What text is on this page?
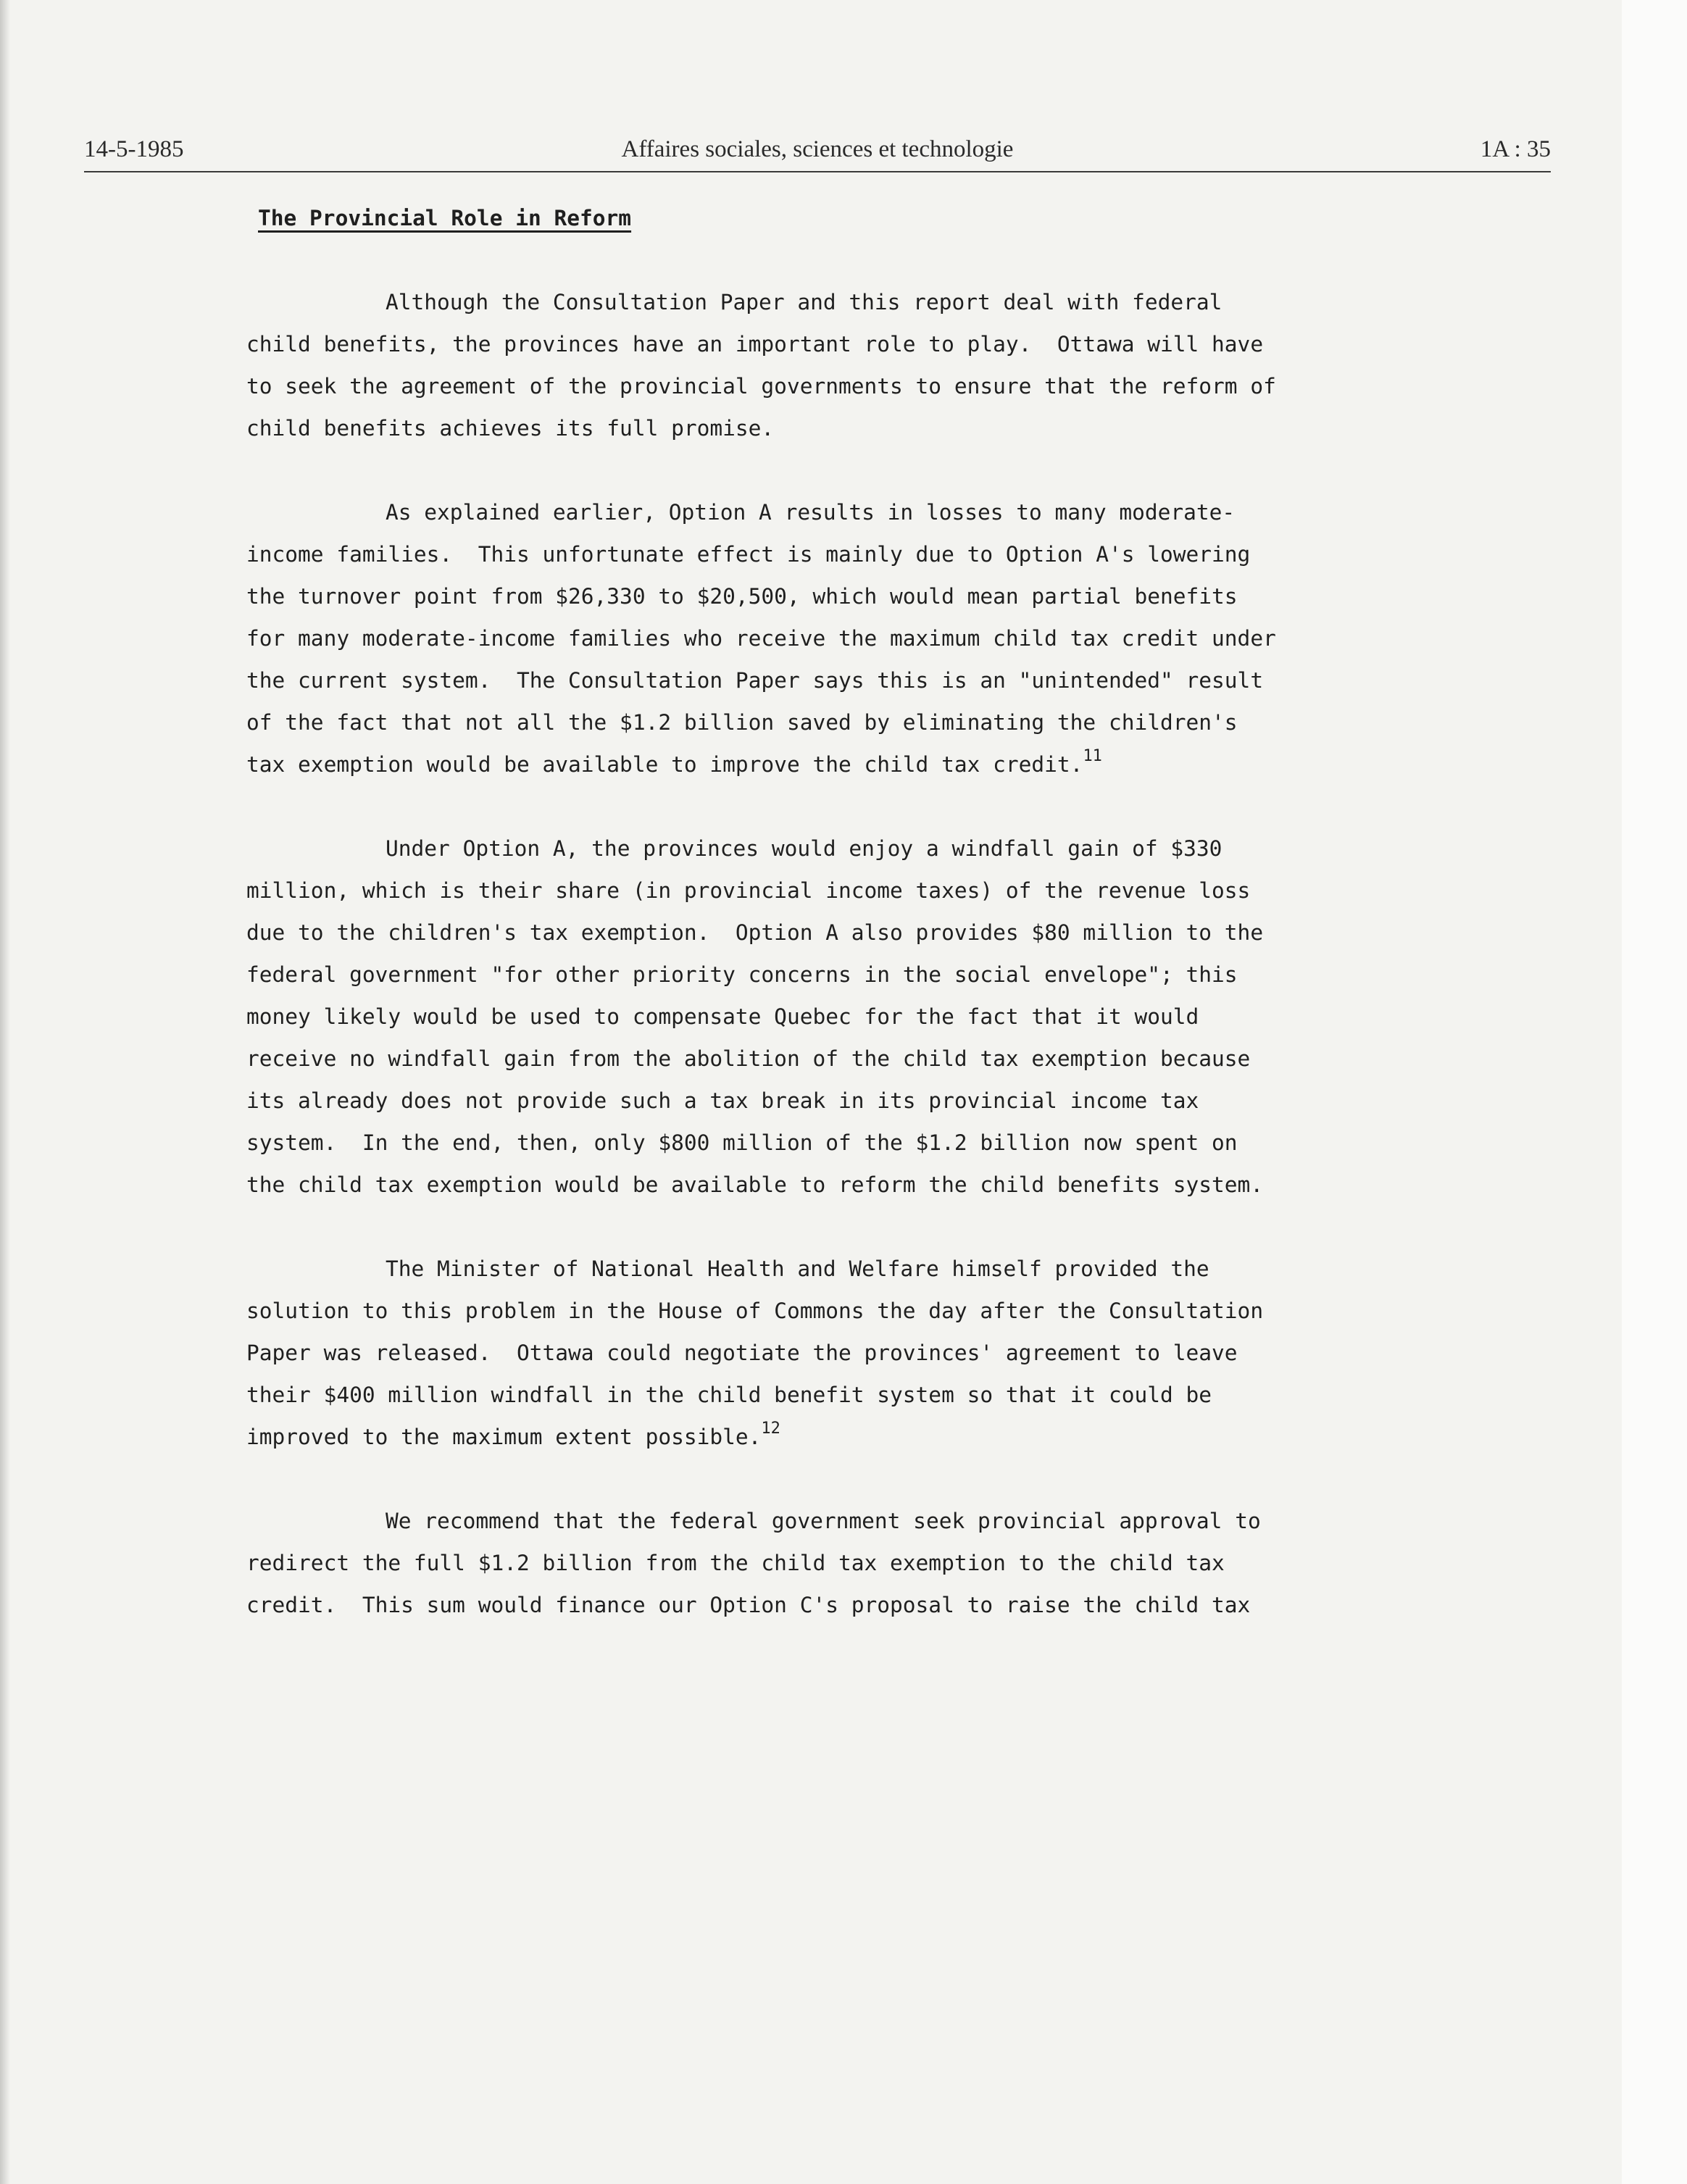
14-5-1985	Affaires sociales, sciences et technologie	1A : 35
The Provincial Role in Reform

Although the Consultation Paper and this report deal with federal

child benefits, the provinces have an important role to play.  Ottawa will have

to seek the agreement of the provincial governments to ensure that the reform of

child benefits achieves its full promise.

As explained earlier, Option A results in losses to many moderate-

income families.  This unfortunate effect is mainly due to Option A's lowering

the turnover point from $26,330 to $20,500, which would mean partial benefits

for many moderate-income families who receive the maximum child tax credit under

the current system.  The Consultation Paper says this is an "unintended" result

of the fact that not all the $1.2 billion saved by eliminating the children's

tax exemption would be available to improve the child tax credit.$^{11}$

Under Option A, the provinces would enjoy a windfall gain of $330

million, which is their share (in provincial income taxes) of the revenue loss

due to the children's tax exemption.  Option A also provides $80 million to the

federal government "for other priority concerns in the social envelope"; this

money likely would be used to compensate Quebec for the fact that it would

receive no windfall gain from the abolition of the child tax exemption because

its already does not provide such a tax break in its provincial income tax

system.  In the end, then, only $800 million of the $1.2 billion now spent on

the child tax exemption would be available to reform the child benefits system.

The Minister of National Health and Welfare himself provided the

solution to this problem in the House of Commons the day after the Consultation

Paper was released.  Ottawa could negotiate the provinces' agreement to leave

their $400 million windfall in the child benefit system so that it could be

improved to the maximum extent possible.$^{12}$

We recommend that the federal government seek provincial approval to

redirect the full $1.2 billion from the child tax exemption to the child tax

credit.  This sum would finance our Option C's proposal to raise the child tax
